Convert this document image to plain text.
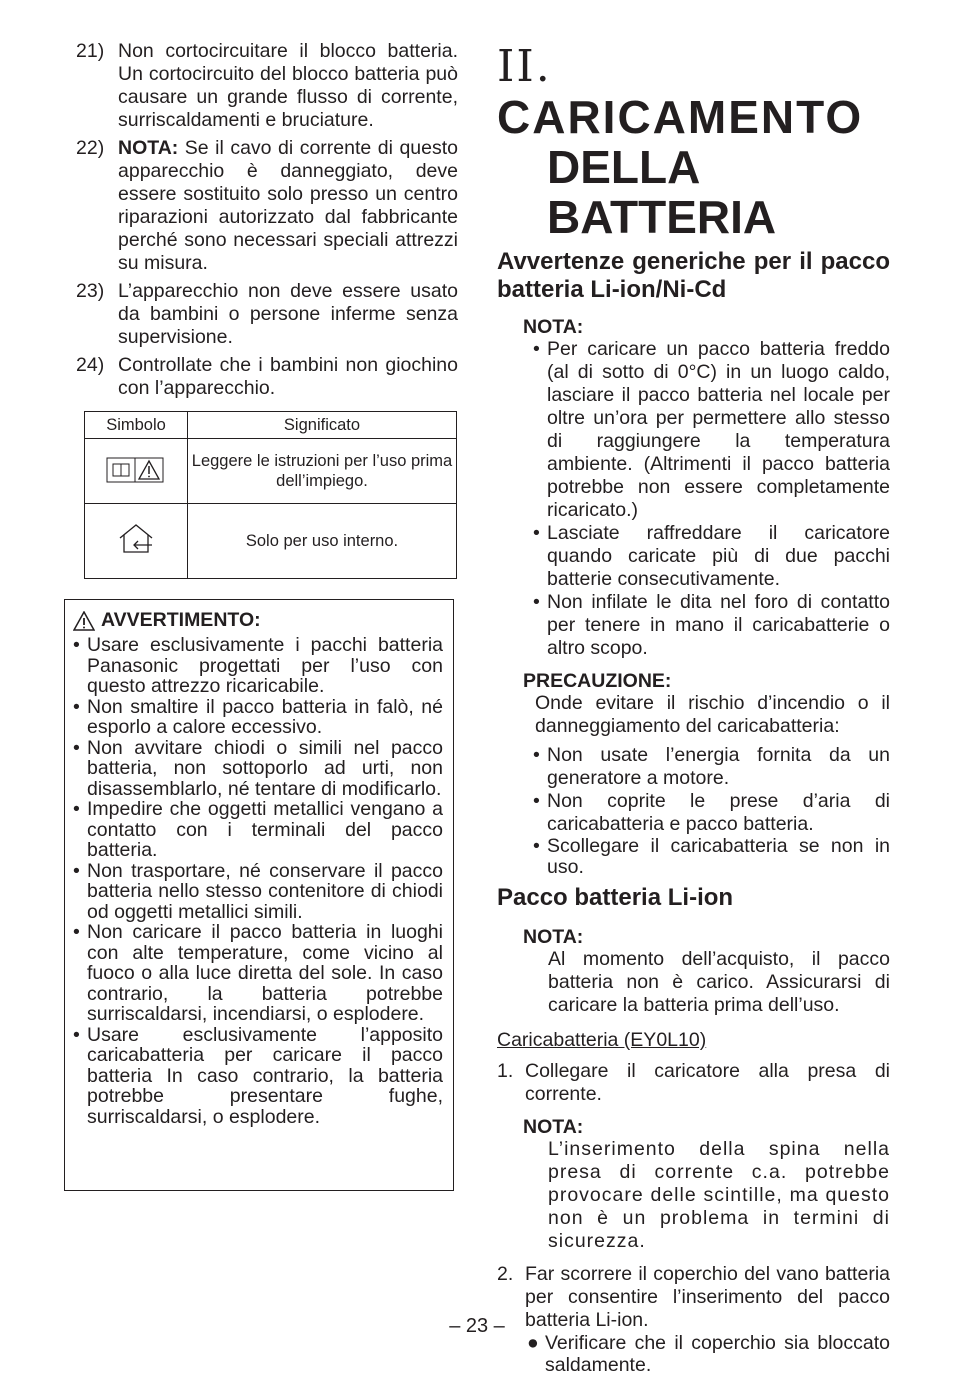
21) Non cortocircuitare il blocco batteria. Un cortocircuito del blocco batteria può causare un grande flusso di corrente, surriscaldamenti e bruciature.
22) NOTA: Se il cavo di corrente di questo apparecchio è danneggiato, deve essere sostituito solo presso un centro riparazioni autorizzato dal fabbricante perché sono necessari speciali attrezzi su misura.
23) L’apparecchio non deve essere usato da bambini o persone inferme senza supervisione.
24) Controllate che i bambini non giochino con l’apparecchio.
Simbolo	Significato
	Leggere le istruzioni per l’uso prima dell’impiego.
	Solo per uso interno.
AVVERTIMENTO:
• Usare esclusivamente i pacchi batteria Panasonic progettati per l’uso con questo attrezzo ricaricabile.
• Non smaltire il pacco batteria in falò, né esporlo a calore eccessivo.
• Non avvitare chiodi o simili nel pacco batteria, non sottoporlo ad urti, non disassemblarlo, né tentare di modificarlo.
• Impedire che oggetti metallici vengano a contatto con i terminali del pacco batteria.
• Non trasportare, né conservare il pacco batteria nello stesso contenitore di chiodi od oggetti metallici simili.
• Non caricare il pacco batteria in luoghi con alte temperature, come vicino al fuoco o alla luce diretta del sole. In caso contrario, la batteria potrebbe surriscaldarsi, incendiarsi, o esplodere.
• Usare esclusivamente l’apposito caricabatteria per caricare il pacco batteria In caso contrario, la batteria potrebbe presentare fughe, surriscaldarsi, o esplodere.
II. CARICAMENTO
DELLA BATTERIA

Avvertenze generiche per il pacco batteria Li-ion/Ni-Cd

NOTA:

• Per caricare un pacco batteria freddo (al di sotto di 0°C) in un luogo caldo, lasciare il pacco batteria nel locale per oltre un’ora per permettere allo stesso di raggiungere la temperatura ambiente. (Altrimenti il pacco batteria potrebbe non essere completamente ricaricato.)
• Lasciate raffreddare il caricatore quando caricate più di due pacchi batterie consecutivamente.
• Non infilate le dita nel foro di contatto per tenere in mano il caricabatterie o altro scopo.

PRECAUZIONE:

Onde evitare il rischio d’incendio o il danneggiamento del caricabatteria:

• Non usate l’energia fornita da un generatore a motore.
• Non coprite le prese d’aria di caricabatteria e pacco batteria.
• Scollegare il caricabatteria se non in uso.

Pacco batteria Li-ion

NOTA:

Al momento dell’acquisto, il pacco batteria non è carico. Assicurarsi di caricare la batteria prima dell’uso.

Caricabatteria (EY0L10)

1. Collegare il caricatore alla presa di corrente.

NOTA:

L’inserimento della spina nella presa di corrente c.a. potrebbe provocare delle scintille, ma questo non è un problema in termini di sicurezza.

2. Far scorrere il coperchio del vano batteria per consentire l’inserimento del pacco batteria Li-ion.
● Verificare che il coperchio sia bloccato saldamente.
– 23 –
